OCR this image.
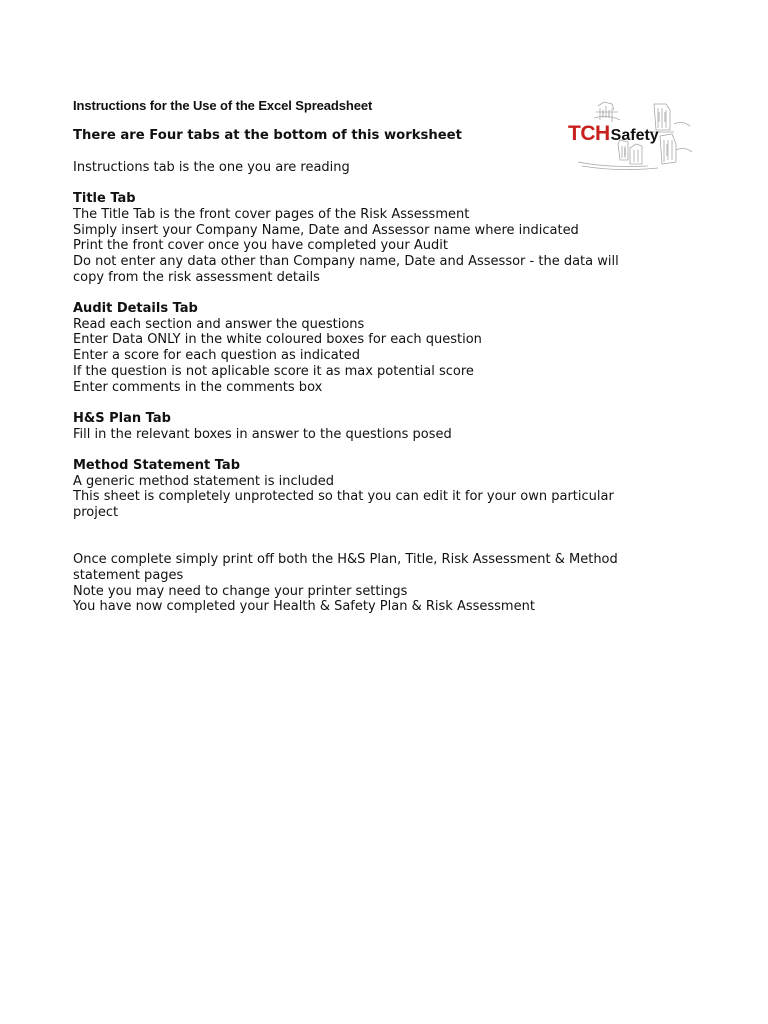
Instructions for the Use of the Excel Spreadsheet
TCHSafety

There are Four tabs at the bottom of this worksheet

Instructions tab is the one you are reading

Title Tab

The Title Tab is the front cover pages of the Risk Assessment

Simply insert your Company Name, Date and Assessor name where indicated

Print the front cover once you have completed your Audit

Do not enter any data other than Company name, Date and Assessor - the data will

copy from the risk assessment details

Audit Details Tab

Read each section and answer the questions

Enter Data ONLY in the white coloured boxes for each question

Enter a score for each question as indicated

If the question is not aplicable score it as max potential score

Enter comments in the comments box

H&S Plan Tab

Fill in the relevant boxes in answer to the questions posed

Method Statement Tab

A generic method statement is included

This sheet is completely unprotected so that you can edit it for your own particular

project

Once complete simply print off both the H&S Plan, Title, Risk Assessment & Method

statement pages

Note you may need to change your printer settings

You have now completed your Health & Safety Plan & Risk Assessment
